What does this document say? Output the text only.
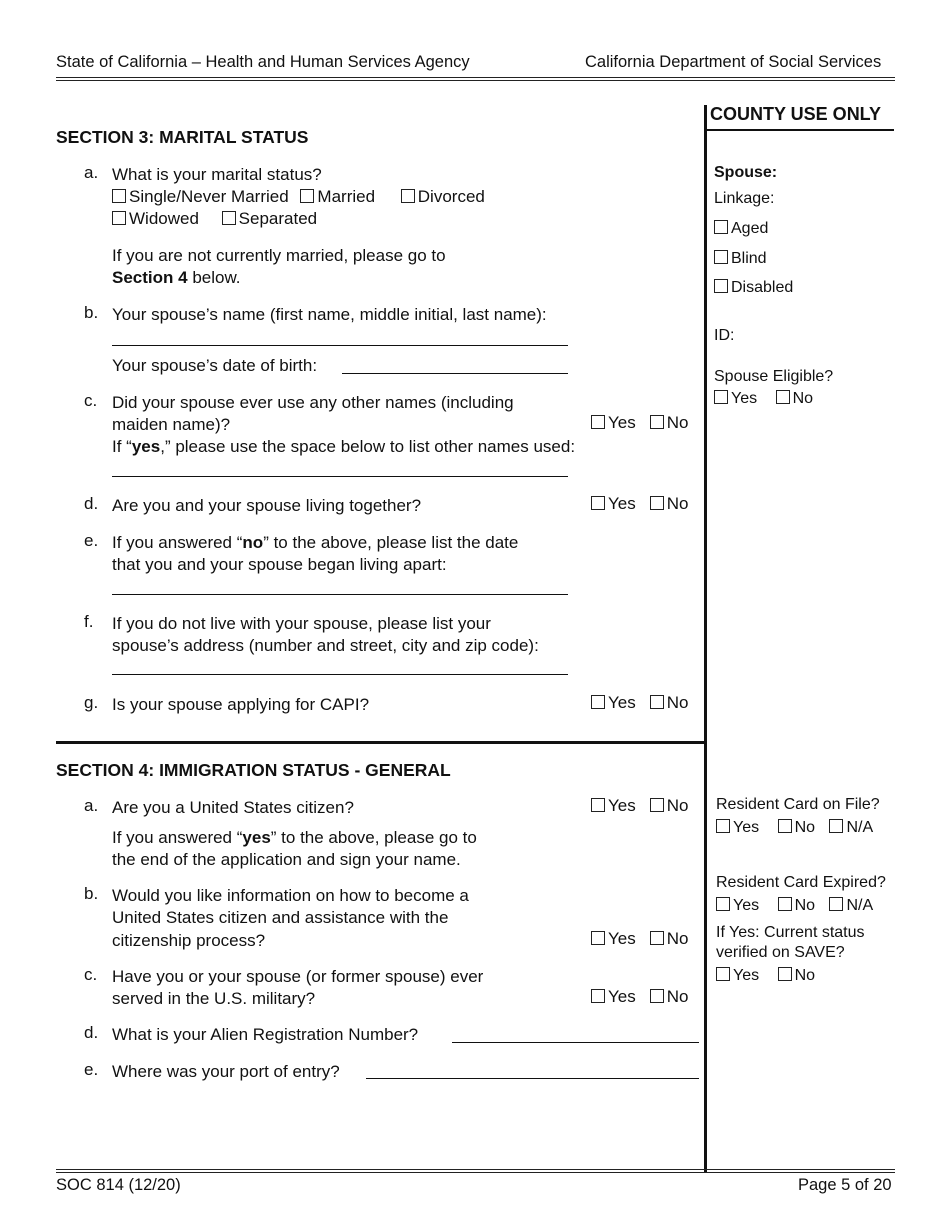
State of California – Health and Human Services Agency	California Department of Social Services
COUNTY USE ONLY
Spouse:
Linkage:
Aged
Blind
Disabled
ID:
Spouse Eligible?
Yes No
Resident Card on File?
Yes No N/A
Resident Card Expired?
Yes No N/A
If Yes: Current status
verified on SAVE?
Yes No
SECTION 3: MARITAL STATUS
a. What is your marital status?
Single/Never Married Married	Divorced
Widowed Separated
If you are not currently married, please go to
Section 4 below.
b. Your spouse’s name (first name, middle initial, last name):
Your spouse’s date of birth:
c. Did your spouse ever use any other names (including
maiden name)?
If “yes,” please use the space below to list other names used:
Yes No
d. Are you and your spouse living together?	Yes No
e. If you answered “no” to the above, please list the date
that you and your spouse began living apart:
f. If you do not live with your spouse, please list your
spouse’s address (number and street, city and zip code):
g. Is your spouse applying for CAPI?	Yes No
SECTION 4: IMMIGRATION STATUS - GENERAL
a. Are you a United States citizen?	Yes No
If you answered “yes” to the above, please go to
the end of the application and sign your name.
b. Would you like information on how to become a
United States citizen and assistance with the
citizenship process?	Yes No
c. Have you or your spouse (or former spouse) ever
served in the U.S. military?	Yes No
d. What is your Alien Registration Number?
e. Where was your port of entry?
SOC 814 (12/20)	Page 5 of 20
